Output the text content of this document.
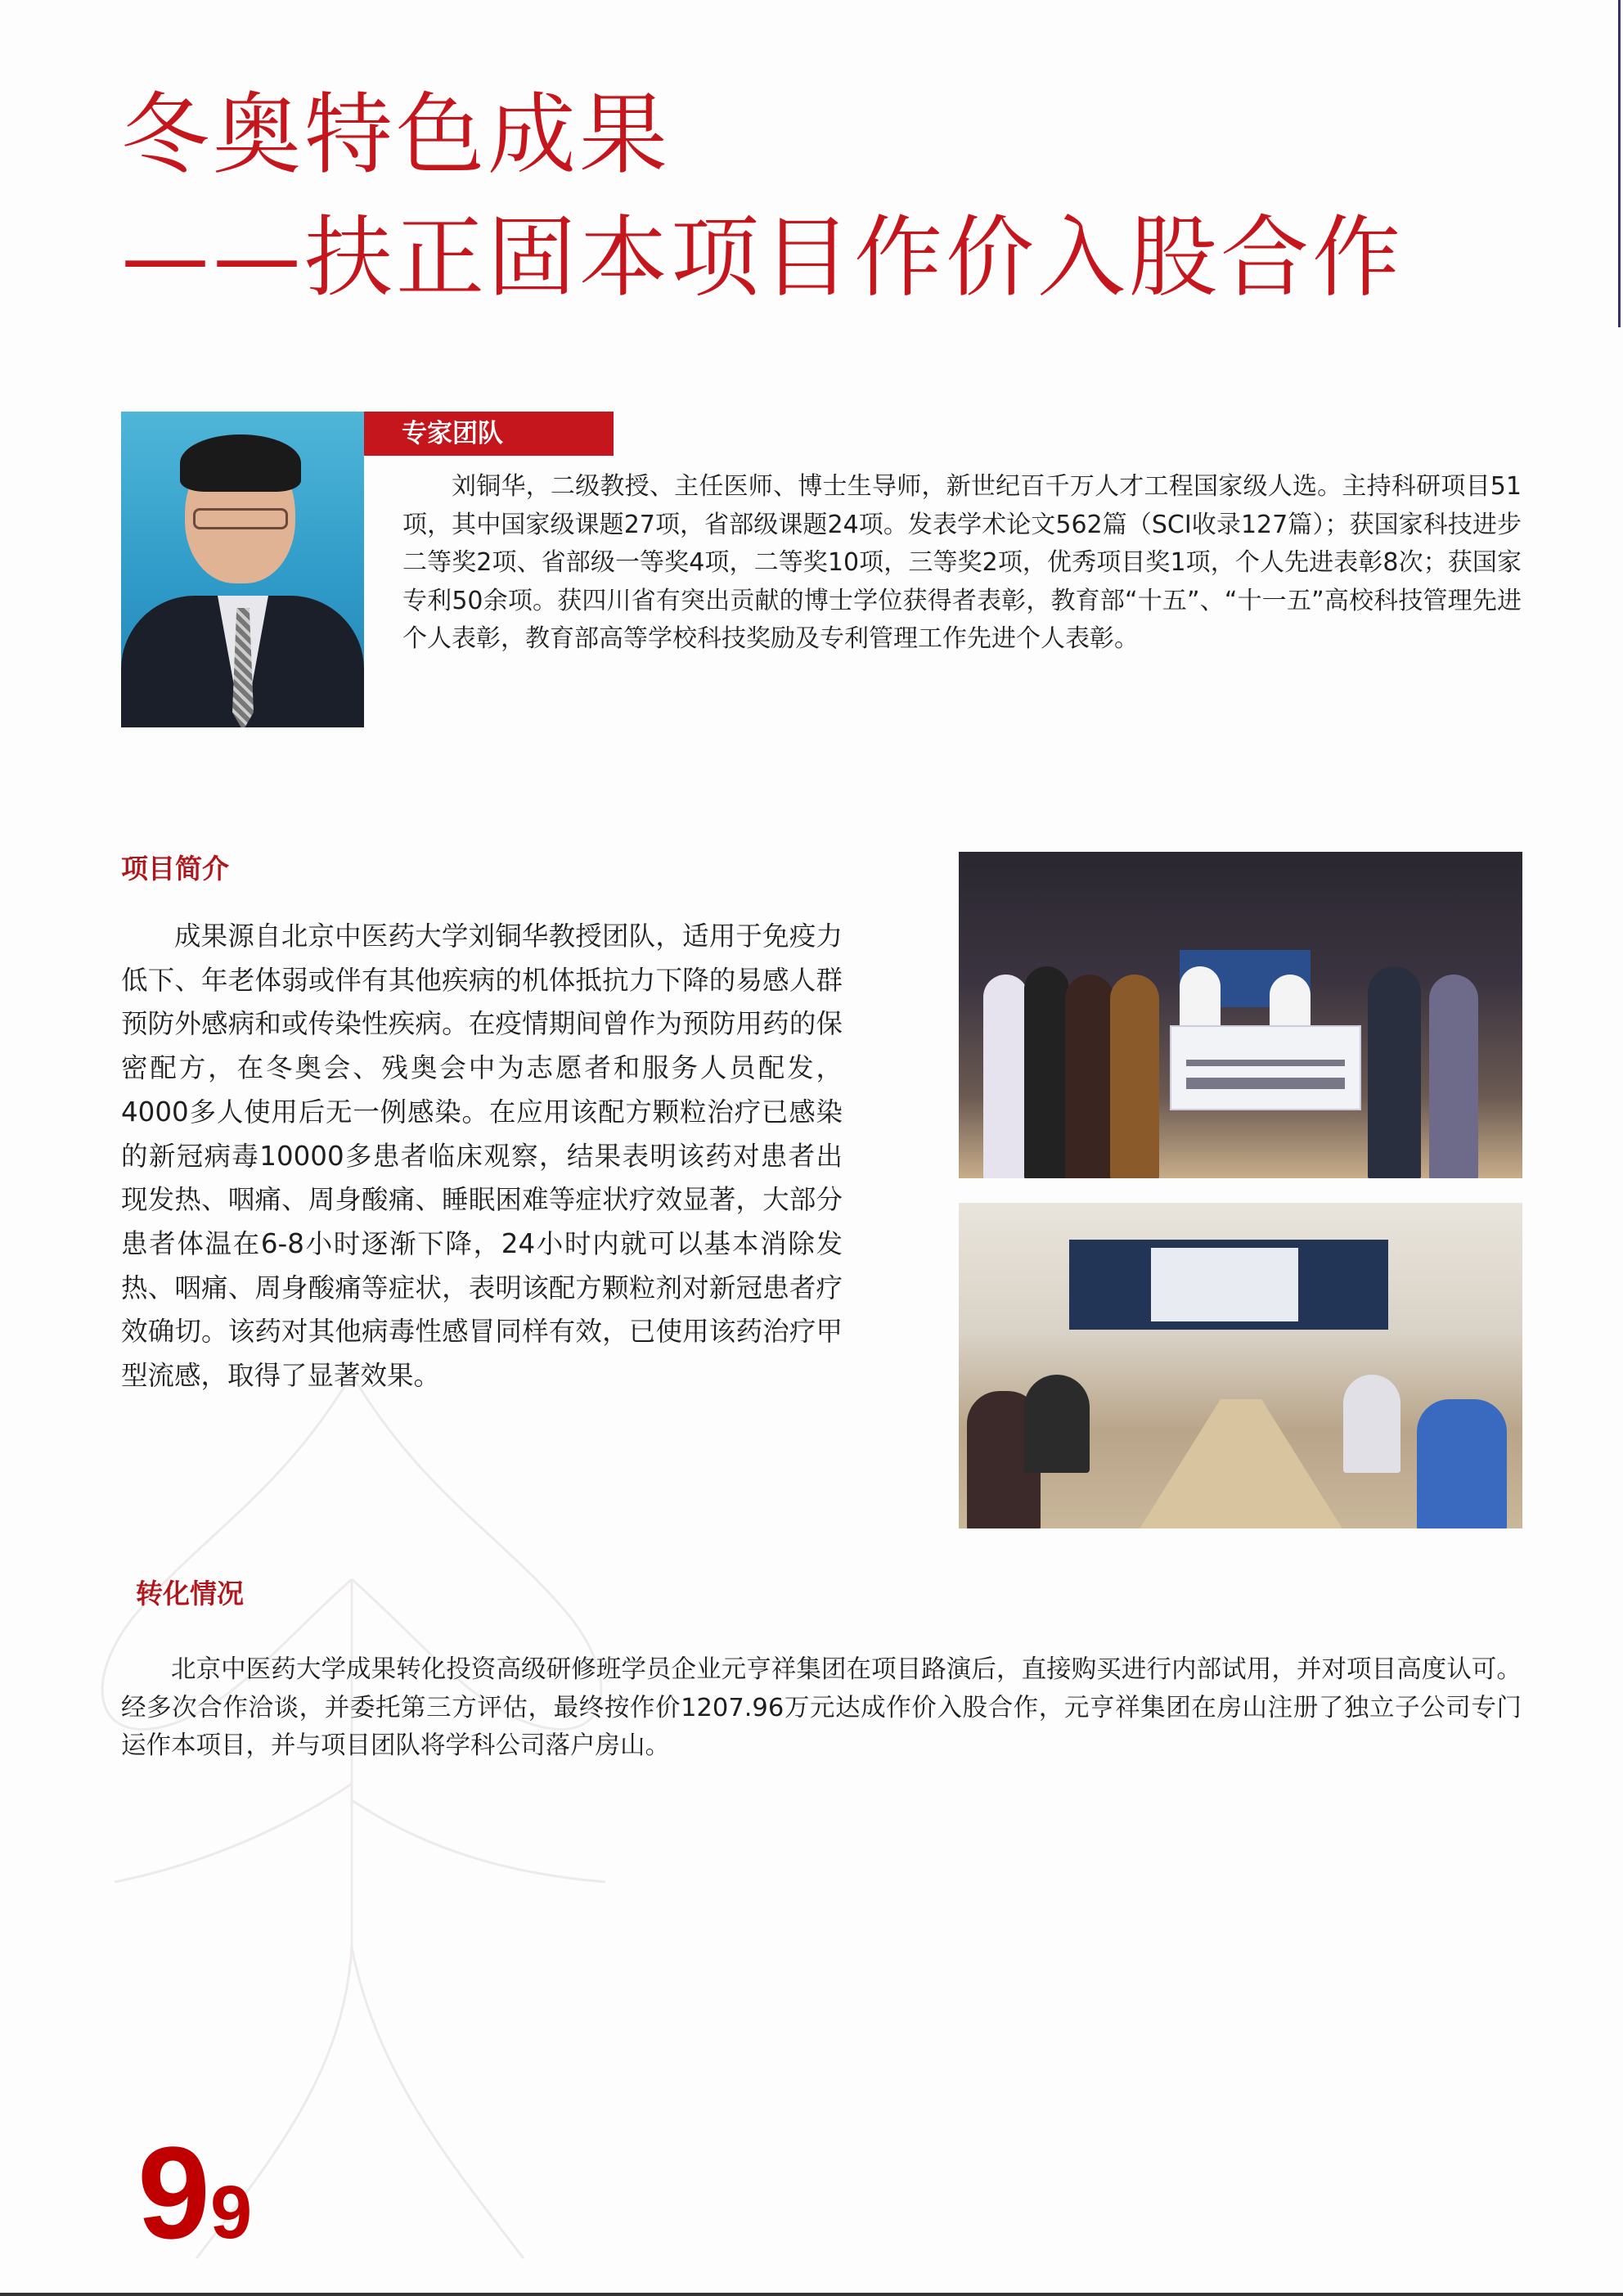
冬奥特色成果
——扶正固本项目作价入股合作
专家团队
刘铜华，二级教授、主任医师、博士生导师，新世纪百千万人才工程国家级人选。主持科研项目51项，其中国家级课题27项，省部级课题24项。发表学术论文562篇（SCI收录127篇）；获国家科技进步二等奖2项、省部级一等奖4项，二等奖10项，三等奖2项，优秀项目奖1项，个人先进表彰8次；获国家专利50余项。获四川省有突出贡献的博士学位获得者表彰，教育部“十五”、“十一五”高校科技管理先进个人表彰，教育部高等学校科技奖励及专利管理工作先进个人表彰。
项目简介
成果源自北京中医药大学刘铜华教授团队，适用于免疫力低下、年老体弱或伴有其他疾病的机体抵抗力下降的易感人群预防外感病和或传染性疾病。在疫情期间曾作为预防用药的保密配方，在冬奥会、残奥会中为志愿者和服务人员配发，4000多人使用后无一例感染。在应用该配方颗粒治疗已感染的新冠病毒10000多患者临床观察，结果表明该药对患者出现发热、咽痛、周身酸痛、睡眠困难等症状疗效显著，大部分患者体温在6-8小时逐渐下降，24小时内就可以基本消除发热、咽痛、周身酸痛等症状，表明该配方颗粒剂对新冠患者疗效确切。该药对其他病毒性感冒同样有效，已使用该药治疗甲型流感，取得了显著效果。
转化情况
北京中医药大学成果转化投资高级研修班学员企业元亨祥集团在项目路演后，直接购买进行内部试用，并对项目高度认可。经多次合作洽谈，并委托第三方评估，最终按作价1207.96万元达成作价入股合作，元亨祥集团在房山注册了独立子公司专门运作本项目，并与项目团队将学科公司落户房山。
99
